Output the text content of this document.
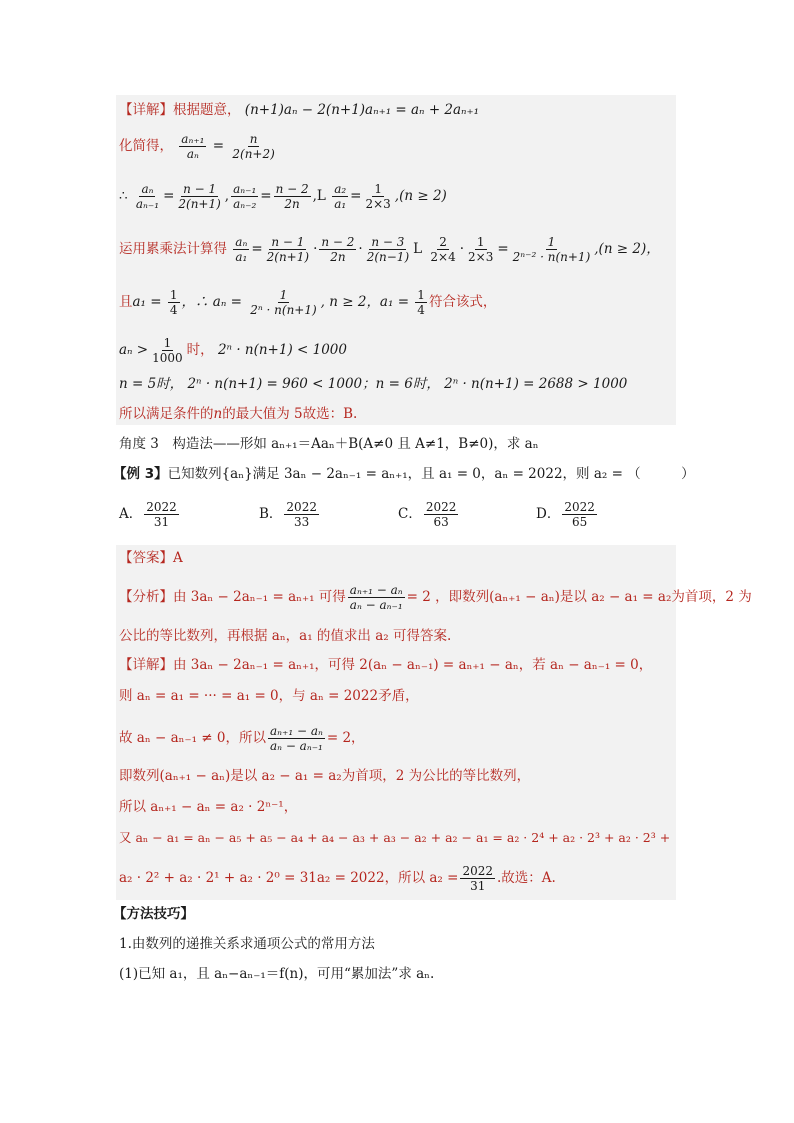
【详解】根据题意， (n+1)aₙ − 2(n+1)aₙ₊₁ = aₙ + 2aₙ₊₁
化简得， $\frac{\text{aₙ₊₁}}{\text{aₙ}} = \frac{n}{2(n+2)}$
∴ $\frac{\text{aₙ}}{\text{aₙ₋₁}} = \frac{n - 1}{2(n+1)}$ , $\frac{\text{aₙ₋₁}}{\text{aₙ₋₂}} = \frac{n - 2}{2n} ,L \frac{\text{a₂}}{\text{a₁}} = \frac{1}{2\times 3} ,(n \ge 2)$
运用累乘法计算得 $\frac{\text{aₙ}}{\text{a₁}} = \frac{n - 1}{2(n+1)} \cdot \frac{n - 2}{2n} \cdot \frac{n - 3}{2(n-1)}$ L $\frac{2}{2\times 4} \cdot \frac{1}{2\times 3} = \frac{1}{\text{2ⁿ⁻² · n(n+1)}} ,(n \ge 2)$，
且$a_1 = \frac{1}{4}$ ，∴ $a_n = \frac{1}{\text{2ⁿ · n(n+1)}}$ , n ≥ 2，$a_1 = \frac{1}{4}$ 符合该式，
$a_n > \frac{1}{1000}$ 时， 2ⁿ · n(n+1) < 1000
n = 5时， 2ⁿ · n(n+1) = 960 < 1000；n = 6时， 2ⁿ · n(n+1) = 2688 > 1000
所以满足条件的n的最大值为 5故选：B.
角度 3　构造法——形如 aₙ₊₁＝Aaₙ＋B(A≠0 且 A≠1，B≠0)，求 aₙ
【例 3】已知数列{aₙ}满足 3aₙ − 2aₙ₋₁ = aₙ₊₁，且 a₁ = 0，aₙ = 2022，则 a₂ = （　　　）
A． $\frac{2022}{31}$	B． $\frac{2022}{33}$	C． $\frac{2022}{63}$	D． $\frac{2022}{65}$
【答案】A
【分析】由 3aₙ − 2aₙ₋₁ = aₙ₊₁ 可得 $\frac{\text{aₙ₊₁ − aₙ}}{\text{aₙ − aₙ₋₁}} = 2$ ，即数列(aₙ₊₁ − aₙ)是以 a₂ − a₁ = a₂为首项，2 为
公比的等比数列，再根据 aₙ，a₁ 的值求出 a₂ 可得答案.
【详解】由 3aₙ − 2aₙ₋₁ = aₙ₊₁，可得 2(aₙ − aₙ₋₁) = aₙ₊₁ − aₙ，若 aₙ − aₙ₋₁ = 0，
则 aₙ = a₁ = ··· = a₁ = 0，与 aₙ = 2022矛盾，
故 aₙ − aₙ₋₁ ≠ 0，所以 $\frac{\text{aₙ₊₁ − aₙ}}{\text{aₙ − aₙ₋₁}} = 2$，
即数列(aₙ₊₁ − aₙ)是以 a₂ − a₁ = a₂为首项，2 为公比的等比数列，
所以 aₙ₊₁ − aₙ = a₂ · 2ⁿ⁻¹，
又 aₙ − a₁ = aₙ − a₅ + a₅ − a₄ + a₄ − a₃ + a₃ − a₂ + a₂ − a₁ = a₂ · 2⁴ + a₂ · 2³ + a₂ · 2³ +
a₂ · 2² + a₂ · 2¹ + a₂ · 2⁰ = 31a₂ = 2022，所以 $a_2 = \frac{2022}{31}$ .故选：A.
【方法技巧】
1.由数列的递推关系求通项公式的常用方法
(1)已知 a₁，且 aₙ−aₙ₋₁＝f(n)，可用“累加法”求 aₙ.
